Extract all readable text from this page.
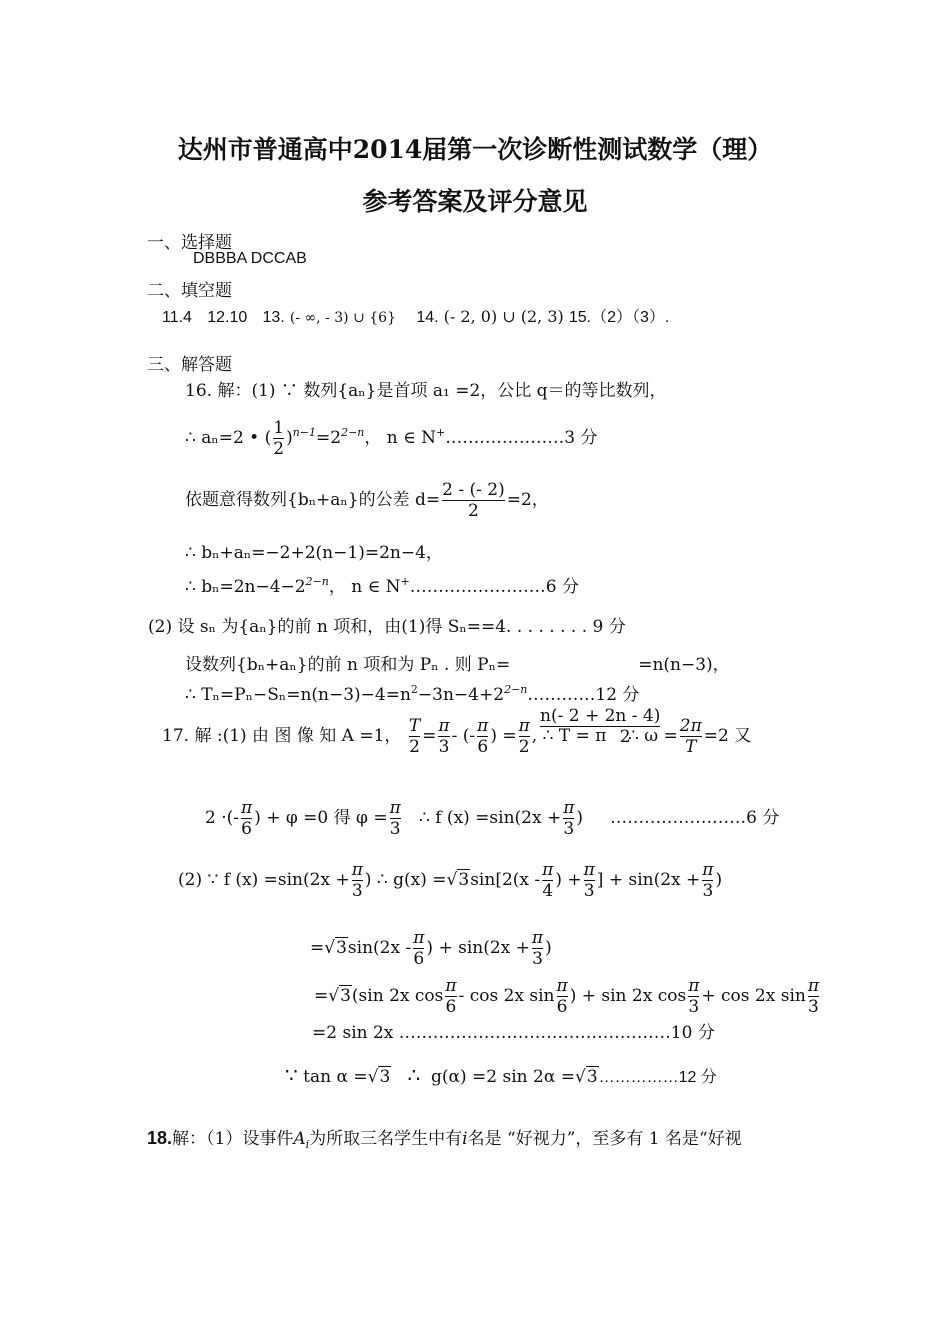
达州市普通高中2014届第一次诊断性测试数学（理）
参考答案及评分意见
一、选择题
DBBBA DCCAB
二、填空题
11.4 12.10 13. (- ∞, - 3) ∪ {6} 14. (- 2, 0) ∪ (2, 3) 15.（2）（3）.
三、解答题
16. 解：(1) ∵ 数列{aₙ}是首项 a₁ =2，公比 q＝的等比数列，
∴ aₙ=2 • ( $\frac{1}{2} )^{n-1}=2^{2-n}$， n ∈ N+…………………3 分
依题意得数列{bₙ+aₙ}的公差 $d= \frac{2 - (- 2)}{2} =2$，
∴ bₙ+aₙ=−2+2(n−1)=2n−4，
∴ $b_n=2n-4-2^{2-n}$， n ∈ N+……………………6 分
(2) 设 sₙ 为{aₙ}的前 n 项和，由(1)得 Sₙ==4. . . . . . . . 9 分
设数列{bₙ+aₙ}的前 n 项和为 Pₙ . 则 Pₙ=	=n(n−3)，
∴ $T_n=P_n-S_n=n(n-3)-4=n^2-3n-4+2^{2-n}\dots\dots\dots\dots 12$ 分
17. 解 :(1) 由 图 像 知 A =1， $\frac{T}{2} = \frac{\pi}{3}$ - (- $\frac{\pi}{6}$ ) = $\frac{\pi}{2}$ , ∴ T = π ∴ $\omega = \frac{2\pi}{T} =2$ 又
$\frac{n(- 2 + 2n - 4)}{2}$
2 ·(- $\frac{\pi}{6}$ ) + φ =0 得 $\varphi = \frac{\pi}{3}$ ∴ f $(x) =\sin(2x + \frac{\pi}{3}$ ) ……………………6 分
(2) ∵ f $(x) =\sin(2x + \frac{\pi}{3}$ ) ∴ $g(x) =√3\sin[2(x - \frac{\pi}{4}$ ) + $\frac{\pi}{3}$ ] + $\sin(2x + \frac{\pi}{3}$ )
$=√3\sin(2x - \frac{\pi}{6}$ ) + $\sin(2x + \frac{\pi}{3}$ )
=√3(sin 2x $\cos \frac{\pi}{6}$ - cos 2x $\sin \frac{\pi}{6}$ ) + sin 2x $\cos \frac{\pi}{3} + \cos 2x$ $\sin \frac{\pi}{3}$
=2 sin 2x …………………………………………10 分
∵ tan α =√3 ∴ g(α) =2 sin 2α =√3……………12 分
18.解：（1）设事件$A_i$为所取三名学生中有i名是 “好视力”，至多有 1 名是“好视
